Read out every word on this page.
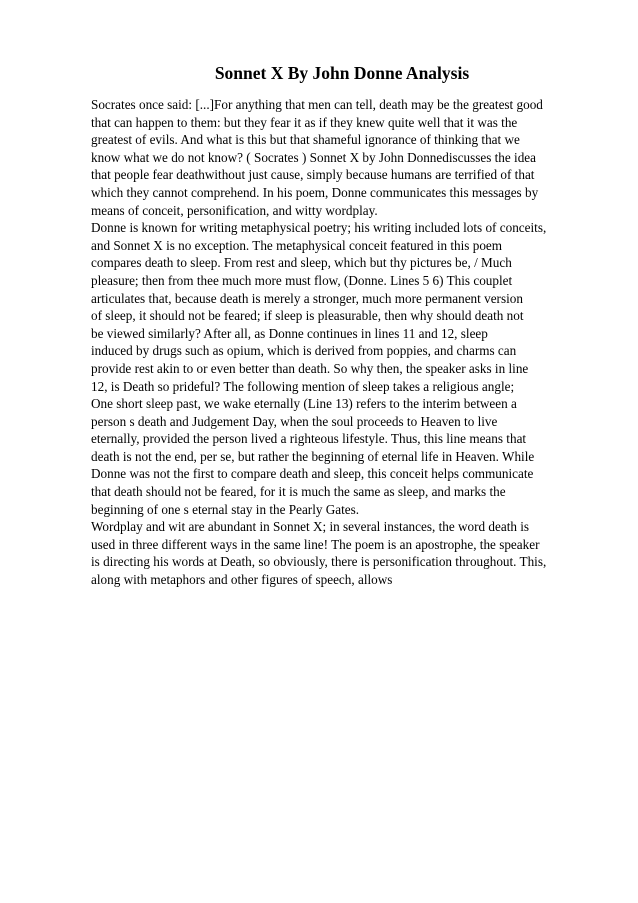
Sonnet X By John Donne Analysis
Socrates once said: [...]For anything that men can tell, death may be the greatest good
that can happen to them: but they fear it as if they knew quite well that it was the
greatest of evils. And what is this but that shameful ignorance of thinking that we
know what we do not know? ( Socrates ) Sonnet X by John Donnediscusses the idea
that people fear deathwithout just cause, simply because humans are terrified of that
which they cannot comprehend. In his poem, Donne communicates this messages by
means of conceit, personification, and witty wordplay.
Donne is known for writing metaphysical poetry; his writing included lots of conceits,
and Sonnet X is no exception. The metaphysical conceit featured in this poem
compares death to sleep. From rest and sleep, which but thy pictures be, / Much
pleasure; then from thee much more must flow, (Donne. Lines 5 6) This couplet
articulates that, because death is merely a stronger, much more permanent version
of sleep, it should not be feared; if sleep is pleasurable, then why should death not
be viewed similarly? After all, as Donne continues in lines 11 and 12, sleep
induced by drugs such as opium, which is derived from poppies, and charms can
provide rest akin to or even better than death. So why then, the speaker asks in line
12, is Death so prideful? The following mention of sleep takes a religious angle;
One short sleep past, we wake eternally (Line 13) refers to the interim between a
person s death and Judgement Day, when the soul proceeds to Heaven to live
eternally, provided the person lived a righteous lifestyle. Thus, this line means that
death is not the end, per se, but rather the beginning of eternal life in Heaven. While
Donne was not the first to compare death and sleep, this conceit helps communicate
that death should not be feared, for it is much the same as sleep, and marks the
beginning of one s eternal stay in the Pearly Gates.
Wordplay and wit are abundant in Sonnet X; in several instances, the word death is
used in three different ways in the same line! The poem is an apostrophe, the speaker
is directing his words at Death, so obviously, there is personification throughout. This,
along with metaphors and other figures of speech, allows
